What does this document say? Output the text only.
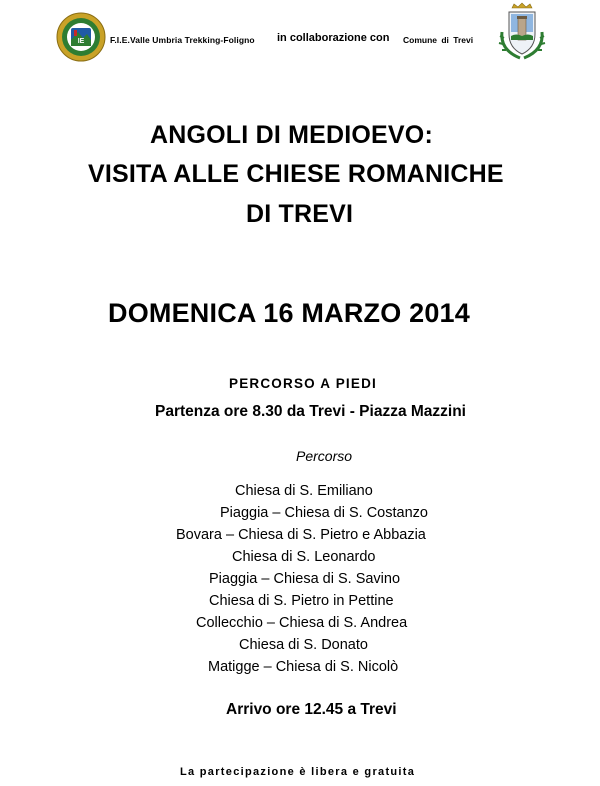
IE	F.I.E.Valle Umbria Trekking-Foligno in collaborazione con Comune di Trevi
ANGOLI DI MEDIOEVO:
VISITA ALLE CHIESE ROMANICHE
DI TREVI
DOMENICA 16 MARZO 2014
PERCORSO A PIEDI
Partenza ore 8.30 da Trevi - Piazza Mazzini
Percorso
Chiesa di S. Emiliano
Piaggia – Chiesa di S. Costanzo
Bovara – Chiesa di S. Pietro e Abbazia
Chiesa di S. Leonardo
Piaggia – Chiesa di S. Savino
Chiesa di S. Pietro in Pettine
Collecchio – Chiesa di S. Andrea
Chiesa di S. Donato
Matigge – Chiesa di S. Nicolò
Arrivo ore 12.45 a Trevi
La partecipazione è libera e gratuita
